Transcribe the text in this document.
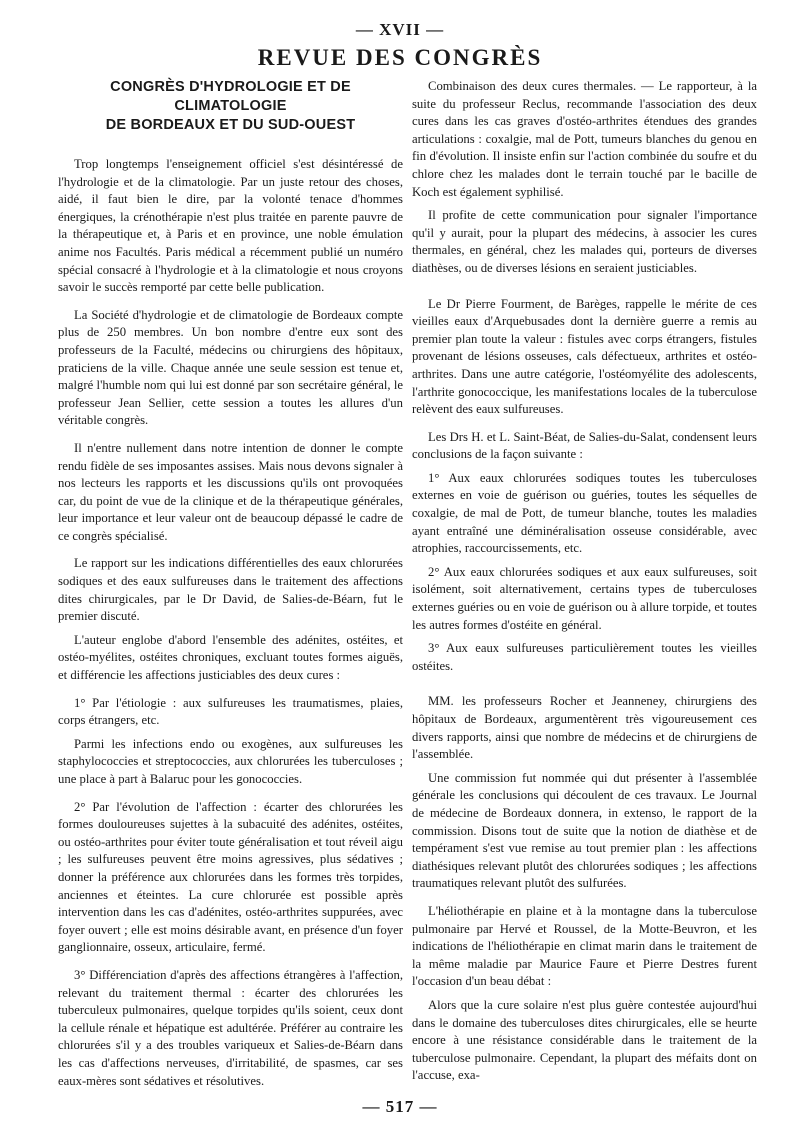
— XVII —
REVUE DES CONGRÈS
CONGRÈS D'HYDROLOGIE ET DE CLIMATOLOGIE
DE BORDEAUX ET DU SUD-OUEST

Trop longtemps l'enseignement officiel s'est désintéressé de l'hydrologie et de la climatologie. Par un juste retour des choses, aidé, il faut bien le dire, par la volonté tenace d'hommes énergiques, la crénothérapie n'est plus traitée en parente pauvre de la thérapeutique et, à Paris et en province, une noble émulation anime nos Facultés. Paris médical a récemment publié un numéro spécial consacré à l'hydrologie et à la climatologie et nous croyons savoir le succès remporté par cette belle publication.

La Société d'hydrologie et de climatologie de Bordeaux compte plus de 250 membres. Un bon nombre d'entre eux sont des professeurs de la Faculté, médecins ou chirurgiens des hôpitaux, praticiens de la ville. Chaque année une seule session est tenue et, malgré l'humble nom qui lui est donné par son secrétaire général, le professeur Jean Sellier, cette session a toutes les allures d'un véritable congrès.

Il n'entre nullement dans notre intention de donner le compte rendu fidèle de ses imposantes assises. Mais nous devons signaler à nos lecteurs les rapports et les discussions qu'ils ont provoquées car, du point de vue de la clinique et de la thérapeutique générales, leur importance et leur valeur ont de beaucoup dépassé le cadre de ce congrès spécialisé.

Le rapport sur les indications différentielles des eaux chlorurées sodiques et des eaux sulfureuses dans le traitement des affections dites chirurgicales, par le Dr David, de Salies-de-Béarn, fut le premier discuté.

L'auteur englobe d'abord l'ensemble des adénites, ostéites, et ostéo-myélites, ostéites chroniques, excluant toutes formes aiguës, et différencie les affections justiciables des deux cures :

1° Par l'étiologie : aux sulfureuses les traumatismes, plaies, corps étrangers, etc.

Parmi les infections endo ou exogènes, aux sulfureuses les staphylococcies et streptococcies, aux chlorurées les tuberculoses ; une place à part à Balaruc pour les gonococcies.

2° Par l'évolution de l'affection : écarter des chlorurées les formes douloureuses sujettes à la subacuité des adénites, ostéites, ou ostéo-arthrites pour éviter toute généralisation et tout réveil aigu ; les sulfureuses peuvent être moins agressives, plus sédatives ; donner la préférence aux chlorurées dans les formes très torpides, anciennes et éteintes. La cure chlorurée est possible après intervention dans les cas d'adénites, ostéo-arthrites suppurées, avec foyer ouvert ; elle est moins désirable avant, en présence d'un foyer ganglionnaire, osseux, articulaire, fermé.

3° Différenciation d'après des affections étrangères à l'affection, relevant du traitement thermal : écarter des chlorurées les tuberculeux pulmonaires, quelque torpides qu'ils soient, ceux dont la cellule rénale et hépatique est adultérée. Préférer au contraire les chlorurées s'il y a des troubles variqueux et Salies-de-Béarn dans les cas d'affections nerveuses, d'irritabilité, de spasmes, car ses eaux-mères sont sédatives et résolutives.

Combinaison des deux cures thermales. — Le rapporteur, à la suite du professeur Reclus, recommande l'association des deux cures dans les cas graves d'ostéo-arthrites étendues des grandes articulations : coxalgie, mal de Pott, tumeurs blanches du genou en fin d'évolution. Il insiste enfin sur l'action combinée du soufre et du chlore chez les malades dont le terrain touché par le bacille de Koch est également syphilisé.

Il profite de cette communication pour signaler l'importance qu'il y aurait, pour la plupart des médecins, à associer les cures thermales, en général, chez les malades qui, porteurs de diverses diathèses, ou de diverses lésions en seraient justiciables.

Le Dr Pierre Fourment, de Barèges, rappelle le mérite de ces vieilles eaux d'Arquebusades dont la dernière guerre a remis au premier plan toute la valeur : fistules avec corps étrangers, fistules provenant de lésions osseuses, cals défectueux, arthrites et ostéo-arthrites. Dans une autre catégorie, l'ostéomyélite des adolescents, l'arthrite gonococcique, les manifestations locales de la tuberculose relèvent des eaux sulfureuses.

Les Drs H. et L. Saint-Béat, de Salies-du-Salat, condensent leurs conclusions de la façon suivante :

1° Aux eaux chlorurées sodiques toutes les tuberculoses externes en voie de guérison ou guéries, toutes les séquelles de coxalgie, de mal de Pott, de tumeur blanche, toutes les maladies ayant entraîné une déminéralisation osseuse considérable, avec atrophies, raccourcissements, etc.

2° Aux eaux chlorurées sodiques et aux eaux sulfureuses, soit isolément, soit alternativement, certains types de tuberculoses externes guéries ou en voie de guérison ou à allure torpide, et toutes les autres formes d'ostéite en général.

3° Aux eaux sulfureuses particulièrement toutes les vieilles ostéites.

MM. les professeurs Rocher et Jeanneney, chirurgiens des hôpitaux de Bordeaux, argumentèrent très vigoureusement ces divers rapports, ainsi que nombre de médecins et de chirurgiens de l'assemblée.

Une commission fut nommée qui dut présenter à l'assemblée générale les conclusions qui découlent de ces travaux. Le Journal de médecine de Bordeaux donnera, in extenso, le rapport de la commission. Disons tout de suite que la notion de diathèse et de tempérament s'est vue remise au tout premier plan : les affections diathésiques relevant plutôt des chlorurées sodiques ; les affections traumatiques relevant plutôt des sulfurées.

L'héliothérapie en plaine et à la montagne dans la tuberculose pulmonaire par Hervé et Roussel, de la Motte-Beuvron, et les indications de l'héliothérapie en climat marin dans le traitement de la même maladie par Maurice Faure et Pierre Destres furent l'occasion d'un beau débat :

Alors que la cure solaire n'est plus guère contestée aujourd'hui dans le domaine des tuberculoses dites chirurgicales, elle se heurte encore à une résistance considérable dans le traitement de la tuberculose pulmonaire. Cependant, la plupart des méfaits dont on l'accuse, exa-

— 517 —
